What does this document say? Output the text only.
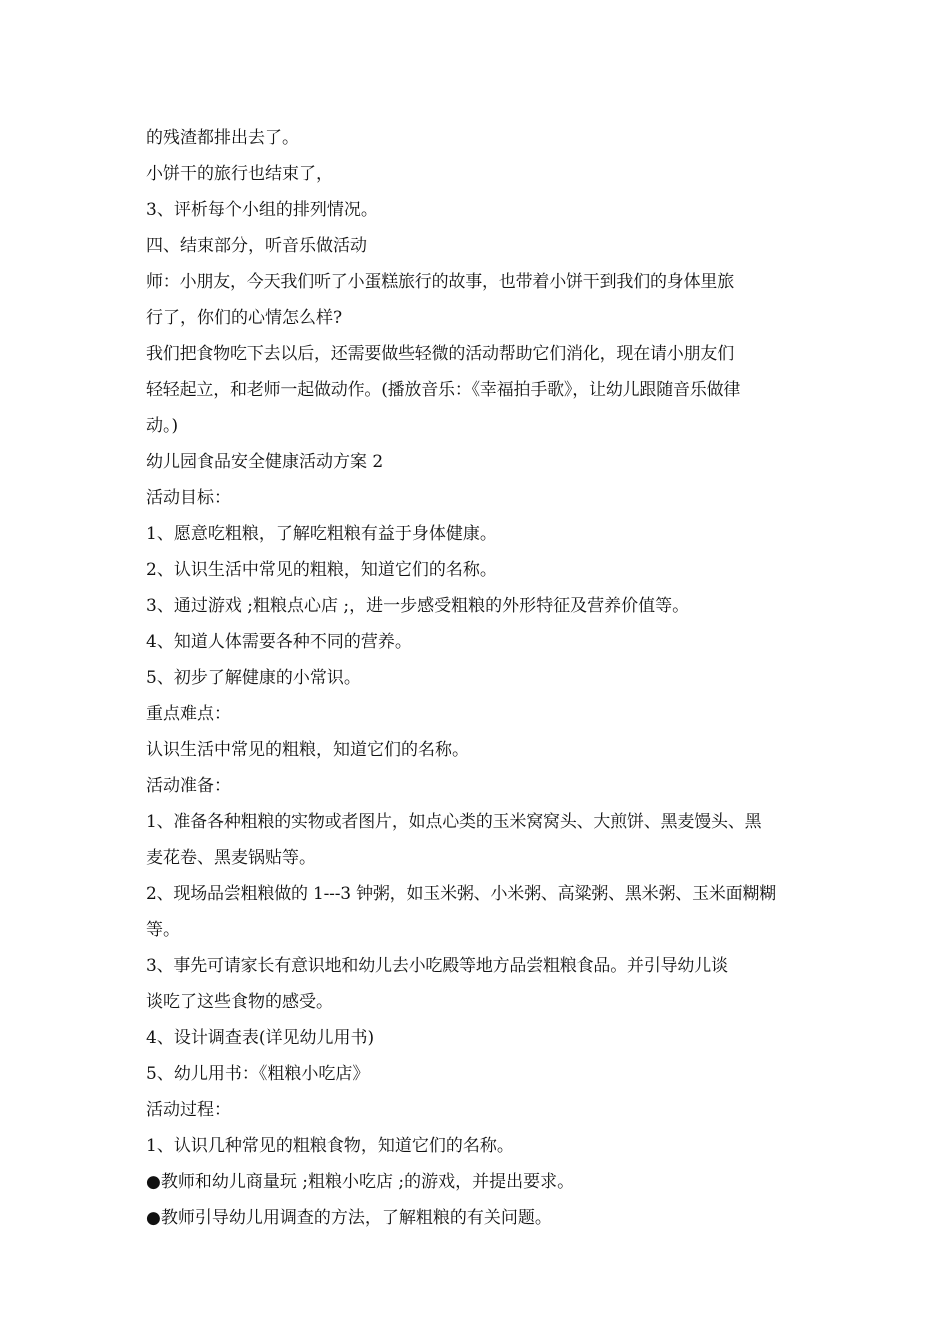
的残渣都排出去了。
小饼干的旅行也结束了，
3、评析每个小组的排列情况。
四、结束部分，听音乐做活动
师：小朋友，今天我们听了小蛋糕旅行的故事，也带着小饼干到我们的身体里旅
行了，你们的心情怎么样?
我们把食物吃下去以后，还需要做些轻微的活动帮助它们消化，现在请小朋友们
轻轻起立，和老师一起做动作。(播放音乐：《幸福拍手歌》，让幼儿跟随音乐做律
动。)
幼儿园食品安全健康活动方案 2
活动目标：
1、愿意吃粗粮，了解吃粗粮有益于身体健康。
2、认识生活中常见的粗粮，知道它们的名称。
3、通过游戏 ;粗粮点心店 ;，进一步感受粗粮的外形特征及营养价值等。
4、知道人体需要各种不同的营养。
5、初步了解健康的小常识。
重点难点：
认识生活中常见的粗粮，知道它们的名称。
活动准备：
1、准备各种粗粮的实物或者图片，如点心类的玉米窝窝头、大煎饼、黑麦馒头、黑
麦花卷、黑麦锅贴等。
2、现场品尝粗粮做的 1---3 钟粥，如玉米粥、小米粥、高粱粥、黑米粥、玉米面糊糊
等。
3、事先可请家长有意识地和幼儿去小吃殿等地方品尝粗粮食品。并引导幼儿谈
谈吃了这些食物的感受。
4、设计调查表(详见幼儿用书)
5、幼儿用书：《粗粮小吃店》
活动过程：
1、认识几种常见的粗粮食物，知道它们的名称。
●教师和幼儿商量玩 ;粗粮小吃店 ;的游戏，并提出要求。
●教师引导幼儿用调查的方法，了解粗粮的有关问题。
